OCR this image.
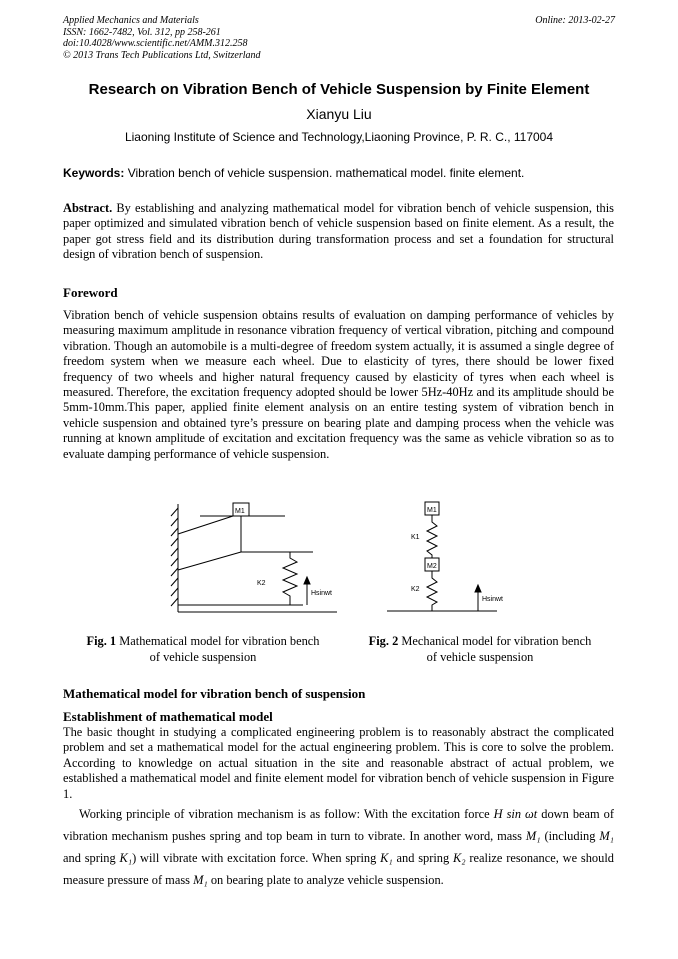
Applied Mechanics and Materials
ISSN: 1662-7482, Vol. 312, pp 258-261
doi:10.4028/www.scientific.net/AMM.312.258
© 2013 Trans Tech Publications Ltd, Switzerland
Online: 2013-02-27
Research on Vibration Bench of Vehicle Suspension by Finite Element
Xianyu Liu
Liaoning Institute of Science and Technology,Liaoning Province, P. R. C., 117004
Keywords: Vibration bench of vehicle suspension. mathematical model. finite element.
Abstract. By establishing and analyzing mathematical model for vibration bench of vehicle suspension, this paper optimized and simulated vibration bench of vehicle suspension based on finite element. As a result, the paper got stress field and its distribution during transformation process and set a foundation for structural design of vibration bench of suspension.
Foreword
Vibration bench of vehicle suspension obtains results of evaluation on damping performance of vehicles by measuring maximum amplitude in resonance vibration frequency of vertical vibration, pitching and compound vibration. Though an automobile is a multi-degree of freedom system actually, it is assumed a single degree of freedom system when we measure each wheel. Due to elasticity of tyres, there should be lower fixed frequency of two wheels and higher natural frequency caused by elasticity of tyres when each wheel is measured. Therefore, the excitation frequency adopted should be lower 5Hz-40Hz and its amplitude should be 5mm-10mm.This paper, applied finite element analysis on an entire testing system of vibration bench in vehicle suspension and obtained tyre’s pressure on bearing plate and damping process when the vehicle was running at known amplitude of excitation and excitation frequency was the same as vehicle vibration so as to evaluate damping performance of vehicle suspension.
M1
K2
Hsinwt
M1
K1
M2
K2
Hsinwt
Fig. 1 Mathematical model for vibration bench
of vehicle suspension
Fig. 2 Mechanical model for vibration bench
of vehicle suspension
Mathematical model for vibration bench of suspension
Establishment of mathematical model
The basic thought in studying a complicated engineering problem is to reasonably abstract the complicated problem and set a mathematical model for the actual engineering problem. This is core to solve the problem. According to knowledge on actual situation in the site and reasonable abstract of actual problem, we established a mathematical model and finite element model for vibration bench of vehicle suspension in Figure 1.
Working principle of vibration mechanism is as follow: With the excitation force H sin ωt down beam of vibration mechanism pushes spring and top beam in turn to vibrate. In another word, mass M₁ (including M₁ and spring K₁) will vibrate with excitation force. When spring K₁ and spring K₂ realize resonance, we should measure pressure of mass M₁ on bearing plate to analyze vehicle suspension.
